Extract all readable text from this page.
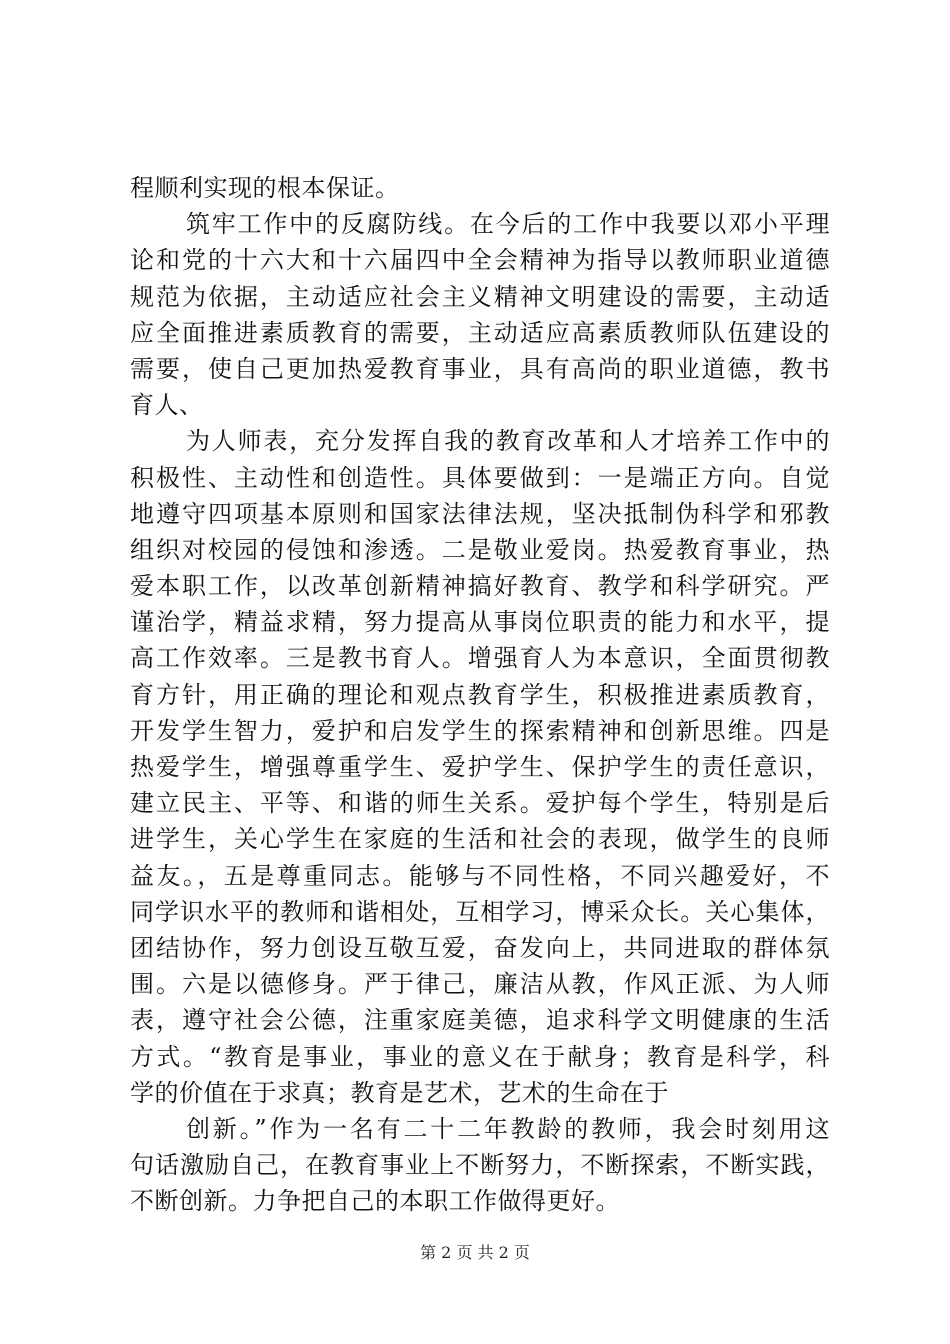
程顺利实现的根本保证。
筑牢工作中的反腐防线。在今后的工作中我要以邓小平理
论和党的十六大和十六届四中全会精神为指导以教师职业道德
规范为依据，主动适应社会主义精神文明建设的需要，主动适
应全面推进素质教育的需要，主动适应高素质教师队伍建设的
需要，使自己更加热爱教育事业，具有高尚的职业道德，教书
育人、
为人师表，充分发挥自我的教育改革和人才培养工作中的
积极性、主动性和创造性。具体要做到：一是端正方向。自觉
地遵守四项基本原则和国家法律法规，坚决抵制伪科学和邪教
组织对校园的侵蚀和渗透。二是敬业爱岗。热爱教育事业，热
爱本职工作，以改革创新精神搞好教育、教学和科学研究。严
谨治学，精益求精，努力提高从事岗位职责的能力和水平，提
高工作效率。三是教书育人。增强育人为本意识，全面贯彻教
育方针，用正确的理论和观点教育学生，积极推进素质教育，
开发学生智力，爱护和启发学生的探索精神和创新思维。四是
热爱学生，增强尊重学生、爱护学生、保护学生的责任意识，
建立民主、平等、和谐的师生关系。爱护每个学生，特别是后
进学生，关心学生在家庭的生活和社会的表现，做学生的良师
益友。，五是尊重同志。能够与不同性格，不同兴趣爱好，不
同学识水平的教师和谐相处，互相学习，博采众长。关心集体，
团结协作，努力创设互敬互爱，奋发向上，共同进取的群体氛
围。六是以德修身。严于律己，廉洁从教，作风正派、为人师
表，遵守社会公德，注重家庭美德，追求科学文明健康的生活
方式。“教育是事业，事业的意义在于献身；教育是科学，科
学的价值在于求真；教育是艺术，艺术的生命在于
创新。”作为一名有二十二年教龄的教师，我会时刻用这
句话激励自己，在教育事业上不断努力，不断探索，不断实践，
不断创新。力争把自己的本职工作做得更好。
第 2 页 共 2 页
